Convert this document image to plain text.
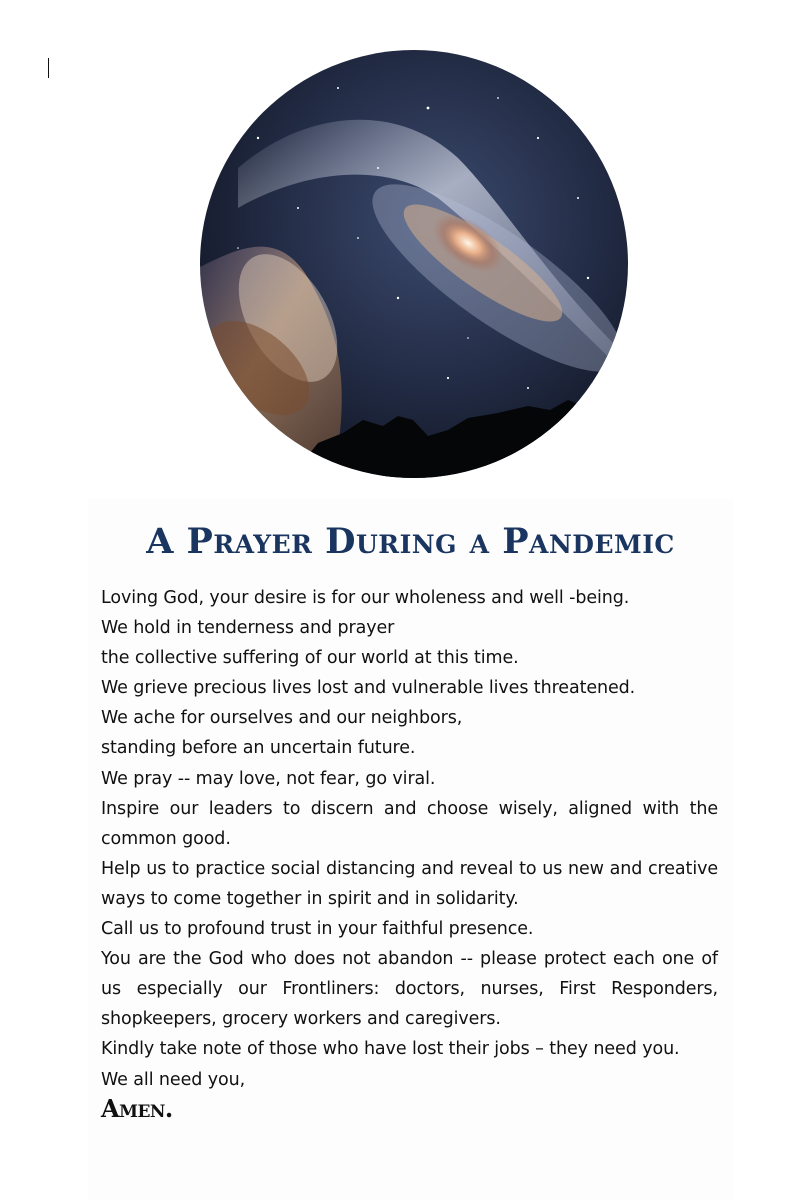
A Prayer During a Pandemic
Loving God, your desire is for our wholeness and well -being.
We hold in tenderness and prayer
the collective suffering of our world at this time.
We grieve precious lives lost and vulnerable lives threatened.
We ache for ourselves and our neighbors,
standing before an uncertain future.
We pray -- may love, not fear, go viral.
Inspire our leaders to discern and choose wisely, aligned with the
common good.
Help us to practice social distancing and reveal to us new and creative
ways to come together in spirit and in solidarity.
Call us to profound trust in your faithful presence.
You are the God who does not abandon -- please protect each one of
us especially our Frontliners: doctors, nurses, First Responders,
shopkeepers, grocery workers and caregivers.
Kindly take note of those who have lost their jobs – they need you.
We all need you,
Amen.
